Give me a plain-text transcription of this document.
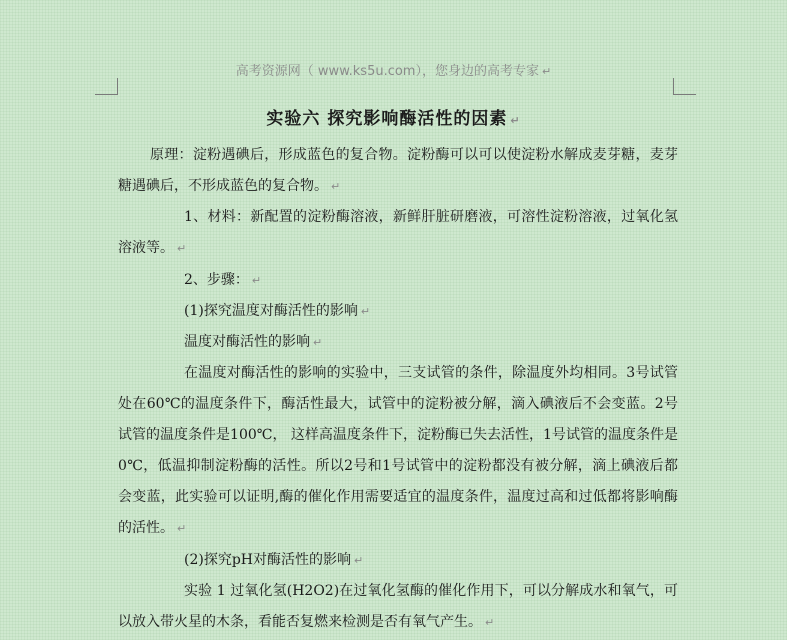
高考资源网（ www.ks5u.com），您身边的高考专家 ↵
实验六 探究影响酶活性的因素 ↵
原理：淀粉遇碘后，形成蓝色的复合物。淀粉酶可以可以使淀粉水解成麦芽糖，麦芽糖遇碘后，不形成蓝色的复合物。 ↵
1、材料：新配置的淀粉酶溶液，新鲜肝脏研磨液，可溶性淀粉溶液，过氧化氢溶液等。 ↵
2、步骤： ↵
(1)探究温度对酶活性的影响 ↵
温度对酶活性的影响 ↵
在温度对酶活性的影响的实验中，三支试管的条件，除温度外均相同。3号试管处在60℃的温度条件下，酶活性最大，试管中的淀粉被分解，滴入碘液后不会变蓝。2号试管的温度条件是100℃， 这样高温度条件下，淀粉酶已失去活性，1号试管的温度条件是0℃，低温抑制淀粉酶的活性。所以2号和1号试管中的淀粉都没有被分解，滴上碘液后都会变蓝，此实验可以证明,酶的催化作用需要适宜的温度条件，温度过高和过低都将影响酶的活性。 ↵
(2)探究pH对酶活性的影响 ↵
实验 1 过氧化氢(H2O2)在过氧化氢酶的催化作用下，可以分解成水和氧气，可以放入带火星的木条，看能否复燃来检测是否有氧气产生。 ↵
